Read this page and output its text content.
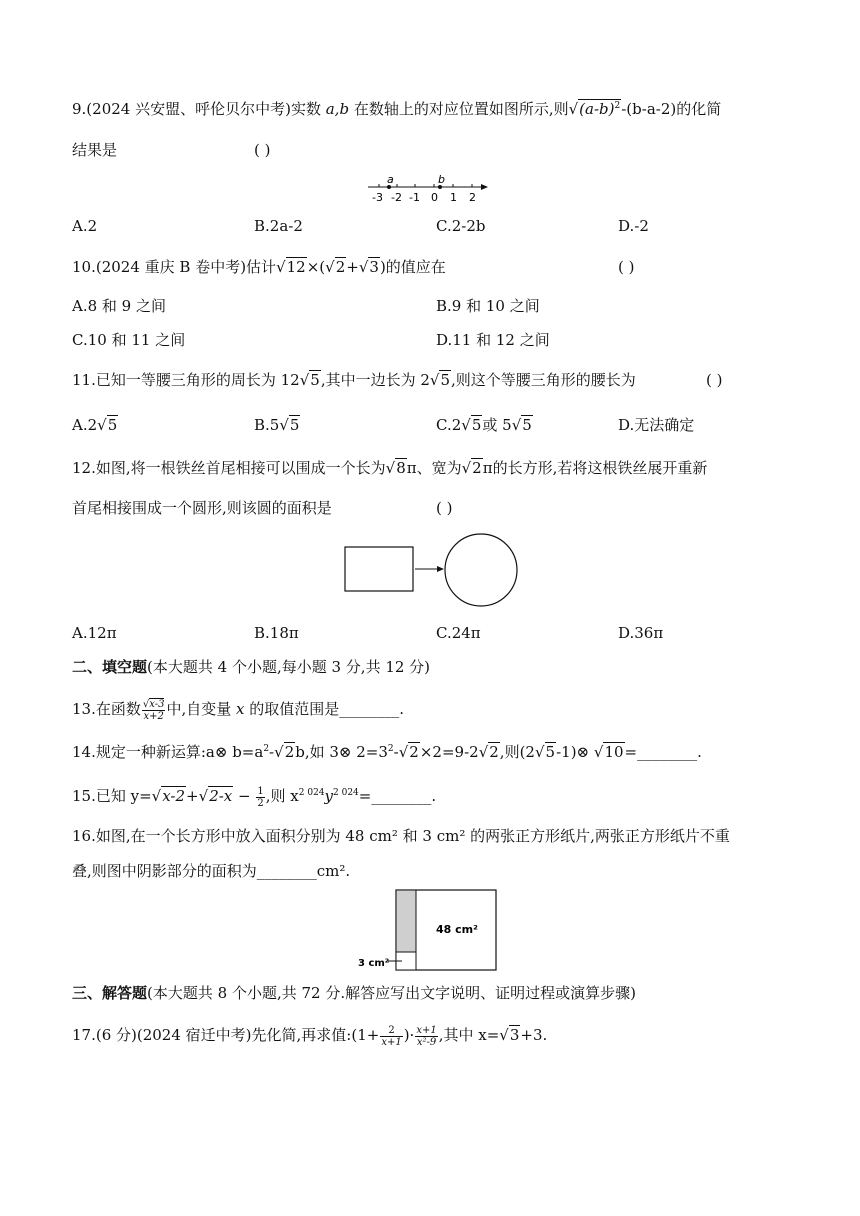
9.(2024 兴安盟、呼伦贝尔中考)实数 a,b 在数轴上的对应位置如图所示,则$√(a-b)^2-(b-a-2)$的化简
结果是	( )
a	b
-3 -2 -1 0 1 2
A.2	B.2a-2	C.2-2b	D.-2
10.(2024 重庆 B 卷中考)估计√12×(√2+√3)的值应在	( )
A.8 和 9 之间	B.9 和 10 之间
C.10 和 11 之间	D.11 和 12 之间
11.已知一等腰三角形的周长为 12√5,其中一边长为 2√5,则这个等腰三角形的腰长为	( )
A.2√5	B.5√5	C.2√5或 5√5	D.无法确定
12.如图,将一根铁丝首尾相接可以围成一个长为√8π、宽为√2π的长方形,若将这根铁丝展开重新
首尾相接围成一个圆形,则该圆的面积是	( )
A.12π	B.18π	C.24π	D.36π
二、填空题(本大题共 4 个小题,每小题 3 分,共 12 分)
13.在函数 $\frac{√x-3}{x+2}$ 中,自变量 x 的取值范围是________.
14.规定一种新运算:a⊗ $b=a^2-√2b$,如 3⊗ $2=3^2-√2\times 2=9-2√2$,则(2√5-1)⊗ √10=________.
15.已知 $y=√x-2+√2-x - \frac{1}{2}$ ,则 $x^{2 024}y^{2 024}=\_\_\_\_\_\_\_\_$.
16.如图,在一个长方形中放入面积分别为 48 cm² 和 3 cm² 的两张正方形纸片,两张正方形纸片不重
叠,则图中阴影部分的面积为________cm².
48 cm²
3 cm²
三、解答题(本大题共 8 个小题,共 72 分.解答应写出文字说明、证明过程或演算步骤)
17.(6 分)(2024 宿迁中考)先化简,再求值:(1+ $\frac{2}{x+1}$ )· $\frac{x+1}{\text{x²-9}}$ ,其中 x=√3+3.
